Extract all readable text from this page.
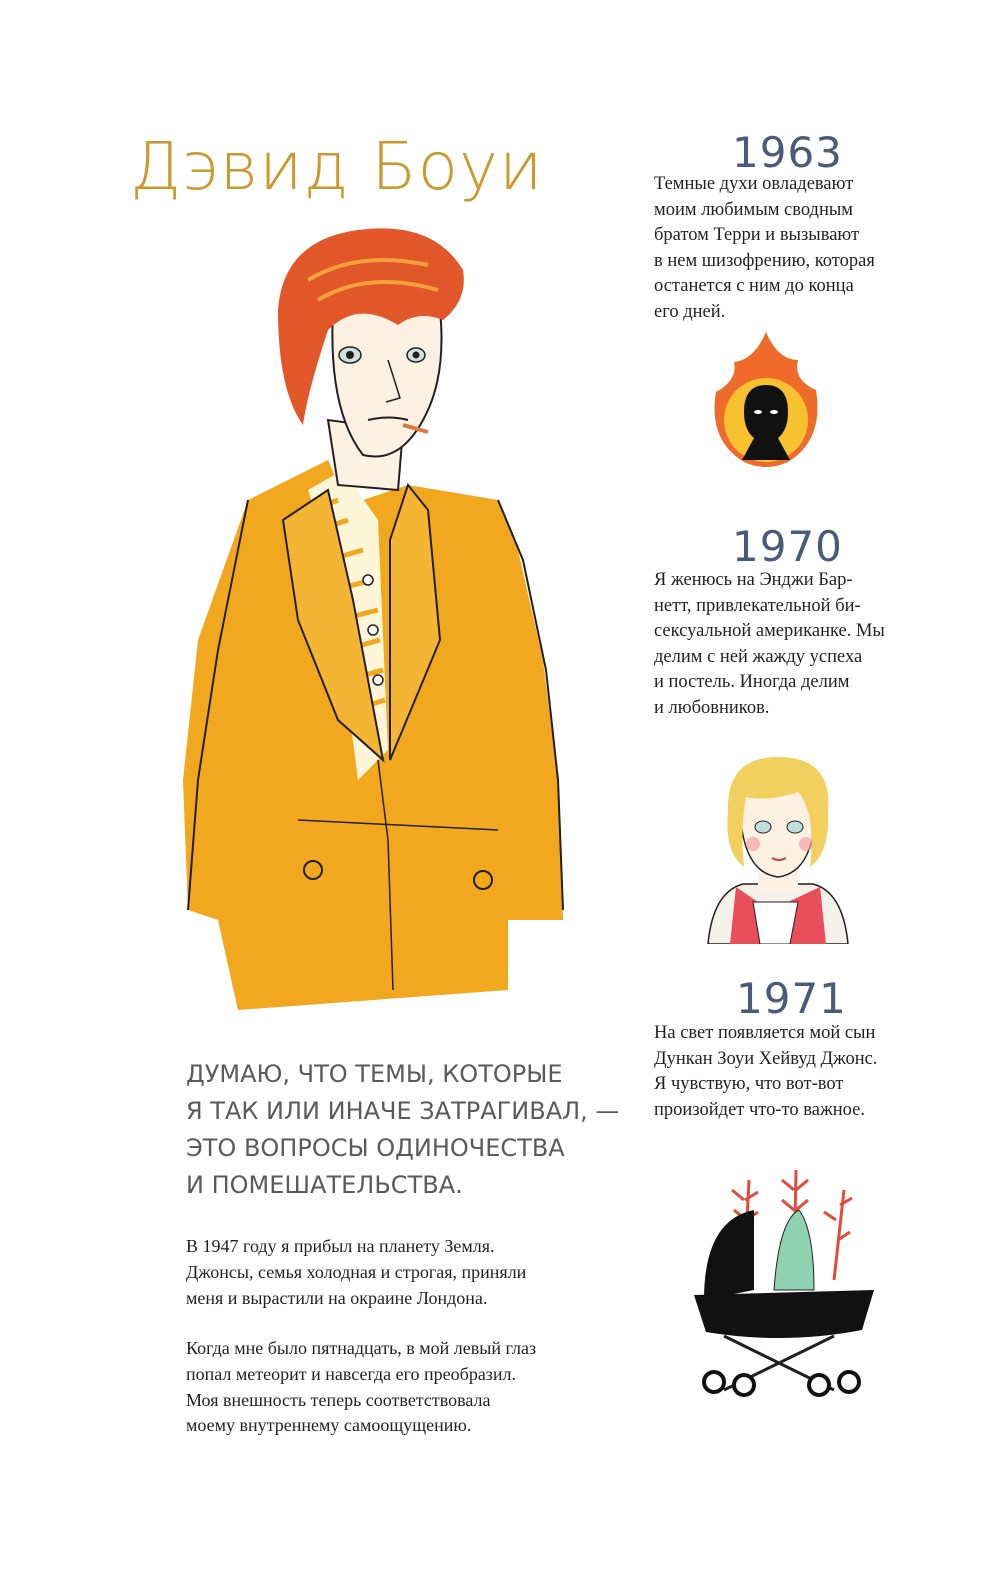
Дэвид Боуи	1963
Темные духи овладевают
моим любимым сводным
братом Терри и вызывают
в нем шизофрению, которая
останется с ним до конца
его дней.
1970
Я женюсь на Энджи Бар-
нетт, привлекательной би-
сексуальной американке. Мы
делим с ней жажду успеха
и постель. Иногда делим
и любовников.
1971
На свет появляется мой сын
Дункан Зоуи Хейвуд Джонс.
Я чувствую, что вот-вот
произойдет что-то важное.
ДУМАЮ, ЧТО ТЕМЫ, КОТОРЫЕ
Я ТАК ИЛИ ИНАЧЕ ЗАТРАГИВАЛ, —
ЭТО ВОПРОСЫ ОДИНОЧЕСТВА
И ПОМЕШАТЕЛЬСТВА.
В 1947 году я прибыл на планету Земля.
Джонсы, семья холодная и строгая, приняли
меня и вырастили на окраине Лондона.
Когда мне было пятнадцать, в мой левый глаз
попал метеорит и навсегда его преобразил.
Моя внешность теперь соответствовала
моему внутреннему самоощущению.
